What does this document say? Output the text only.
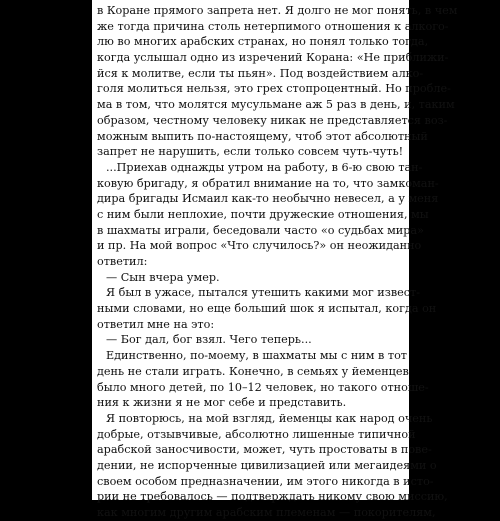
в Коране прямого запрета нет. Я долго не мог понять, в чем
же тогда причина столь нетерпимого отношения к алкого-
лю во многих арабских странах, но понял только тогда,
когда услышал одно из изречений Корана: «Не приближи-
йся к молитве, если ты пьян». Под воздействием алко-
голя молиться нельзя, это грех стопроцентный. Но пробле-
ма в том, что молятся мусульмане аж 5 раз в день, и, таким
образом, честному человеку никак не представляется воз-
можным выпить по-настоящему, чтоб этот абсолютный
запрет не нарушить, если только совсем чуть-чуть!
...Приехав однажды утром на работу, в 6-ю свою тан-
ковую бригаду, я обратил внимание на то, что замкоман-
дира бригады Исмаил как-то необычно невесел, а у меня
с ним были неплохие, почти дружеские отношения, мы
в шахматы играли, беседовали часто «о судьбах мира»
и пр. На мой вопрос «Что случилось?» он неожиданно
ответил:
— Сын вчера умер.
Я был в ужасе, пытался утешить какими мог извест-
ными словами, но еще больший шок я испытал, когда он
ответил мне на это:
— Бог дал, бог взял. Чего теперь...
Единственно, по-моему, в шахматы мы с ним в тот
день не стали играть. Конечно, в семьях у йеменцев
было много детей, по 10–12 человек, но такого отноше-
ния к жизни я не мог себе и представить.
Я повторюсь, на мой взгляд, йеменцы как народ очень
добрые, отзывчивые, абсолютно лишенные типичной
арабской заносчивости, может, чуть простоваты в пове-
дении, не испорченные цивилизацией или мегаидеями о
своем особом предназначении, им этого никогда в исто-
рии не требовалось — подтверждать никому свою миссию,
как многим другим арабским племенам — покорителям,
